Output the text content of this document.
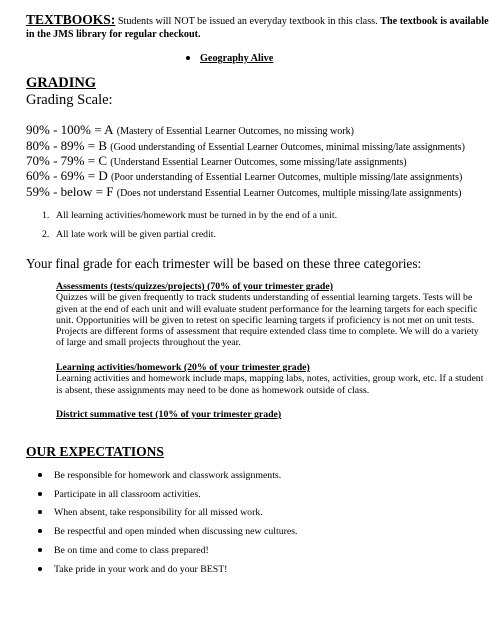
TEXTBOOKS: Students will NOT be issued an everyday textbook in this class. The textbook is available in the JMS library for regular checkout.
Geography Alive
GRADING
Grading Scale:
90% - 100% = A (Mastery of Essential Learner Outcomes, no missing work)
80% - 89% = B (Good understanding of Essential Learner Outcomes, minimal missing/late assignments)
70% - 79% = C (Understand Essential Learner Outcomes, some missing/late assignments)
60% - 69% = D (Poor understanding of Essential Learner Outcomes, multiple missing/late assignments)
59% - below = F (Does not understand Essential Learner Outcomes, multiple missing/late assignments)
1. All learning activities/homework must be turned in by the end of a unit.
2. All late work will be given partial credit.
Your final grade for each trimester will be based on these three categories:
Assessments (tests/quizzes/projects) (70% of your trimester grade)
Quizzes will be given frequently to track students understanding of essential learning targets. Tests will be given at the end of each unit and will evaluate student performance for the learning targets for each specific unit. Opportunities will be given to retest on specific learning targets if proficiency is not met on unit tests. Projects are different forms of assessment that require extended class time to complete. We will do a variety of large and small projects throughout the year.
Learning activities/homework (20% of your trimester grade)
Learning activities and homework include maps, mapping labs, notes, activities, group work, etc. If a student is absent, these assignments may need to be done as homework outside of class.
District summative test (10% of your trimester grade)
OUR EXPECTATIONS
Be responsible for homework and classwork assignments.
Participate in all classroom activities.
When absent, take responsibility for all missed work.
Be respectful and open minded when discussing new cultures.
Be on time and come to class prepared!
Take pride in your work and do your BEST!
